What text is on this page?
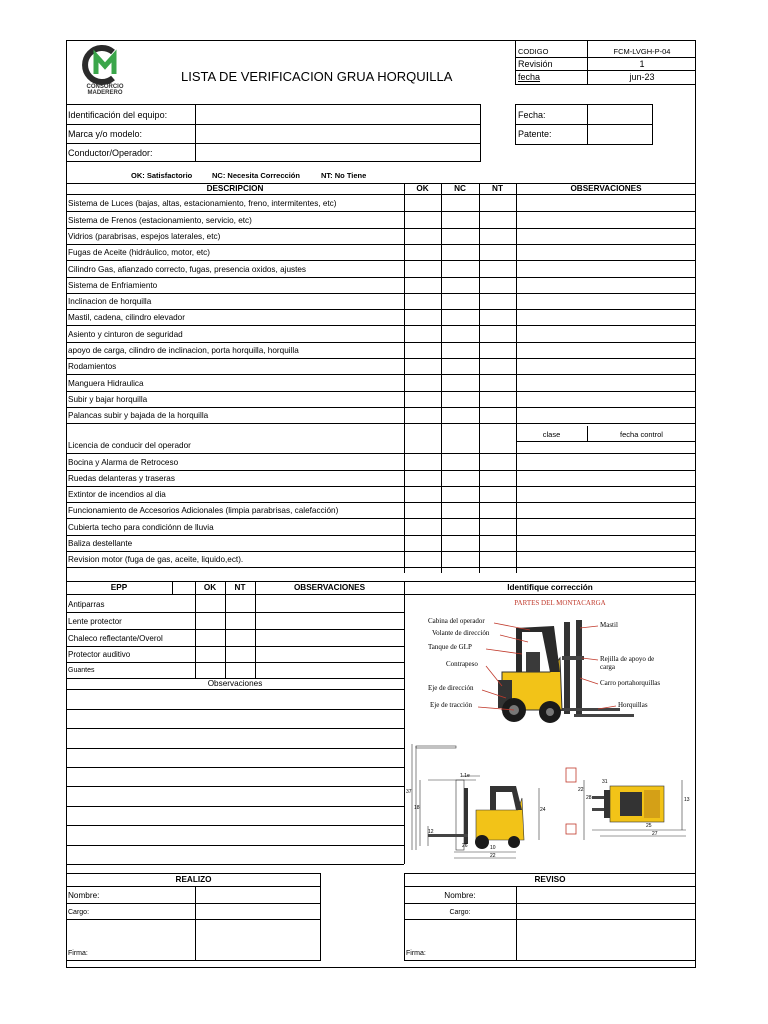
CONSORCIO
MADERERO
LISTA DE VERIFICACION GRUA HORQUILLA
CODIGO	FCM-LVGH-P-04
Revisión	1
fecha	jun-23
Identificación del equipo:
Marca y/o modelo:
Conductor/Operador:
Fecha:
Patente:
OK: Satisfactorio	NC: Necesita Corrección	NT: No Tiene
DESCRIPCION	OK	NC	NT	OBSERVACIONES
Sistema de Luces (bajas, altas, estacionamiento, freno, intermitentes, etc)
Sistema de Frenos (estacionamiento, servicio, etc)
Vidrios (parabrisas, espejos laterales, etc)
Fugas de Aceite (hidráulico, motor, etc)
Cilindro Gas, afianzado correcto, fugas, presencia oxidos, ajustes
Sistema de Enfriamiento
Inclinacion de horquilla
Mastil, cadena, cilindro elevador
Asiento y cinturon de seguridad
apoyo de carga, cilindro de inclinacion, porta horquilla, horquilla
Rodamientos
Manguera Hidraulica
Subir y bajar horquilla
Palancas subir y bajada de la horquilla
Licencia de conducir del operador
Bocina y Alarma de Retroceso
Ruedas delanteras y traseras
Extintor de incendios al dia
Funcionamiento de Accesorios Adicionales (limpia parabrisas, calefacción)
Cubierta techo para condiciónn de lluvia
Baliza destellante
Revision motor (fuga de gas, aceite, liquido,ect).
clase	fecha control
EPP	OK	NT	OBSERVACIONES
Antiparras
Lente protector
Chaleco reflectante/Overol
Protector auditivo
Guantes
Observaciones
Identifique corrección
PARTES DEL MONTACARGA
Cabina del operador
Volante de dirección
Tanque de GLP
Contrapeso
Eje de dirección
Eje de tracción
Mastil
Rejilla de apoyo de
carga
Carro portahorquillas
Horquillas
1.1e
37
18
12
24
26	10
22
22
28
31
25
27
13
REALIZO
Nombre:
Cargo:
Firma:
REVISO
Nombre:
Cargo:
Firma:
